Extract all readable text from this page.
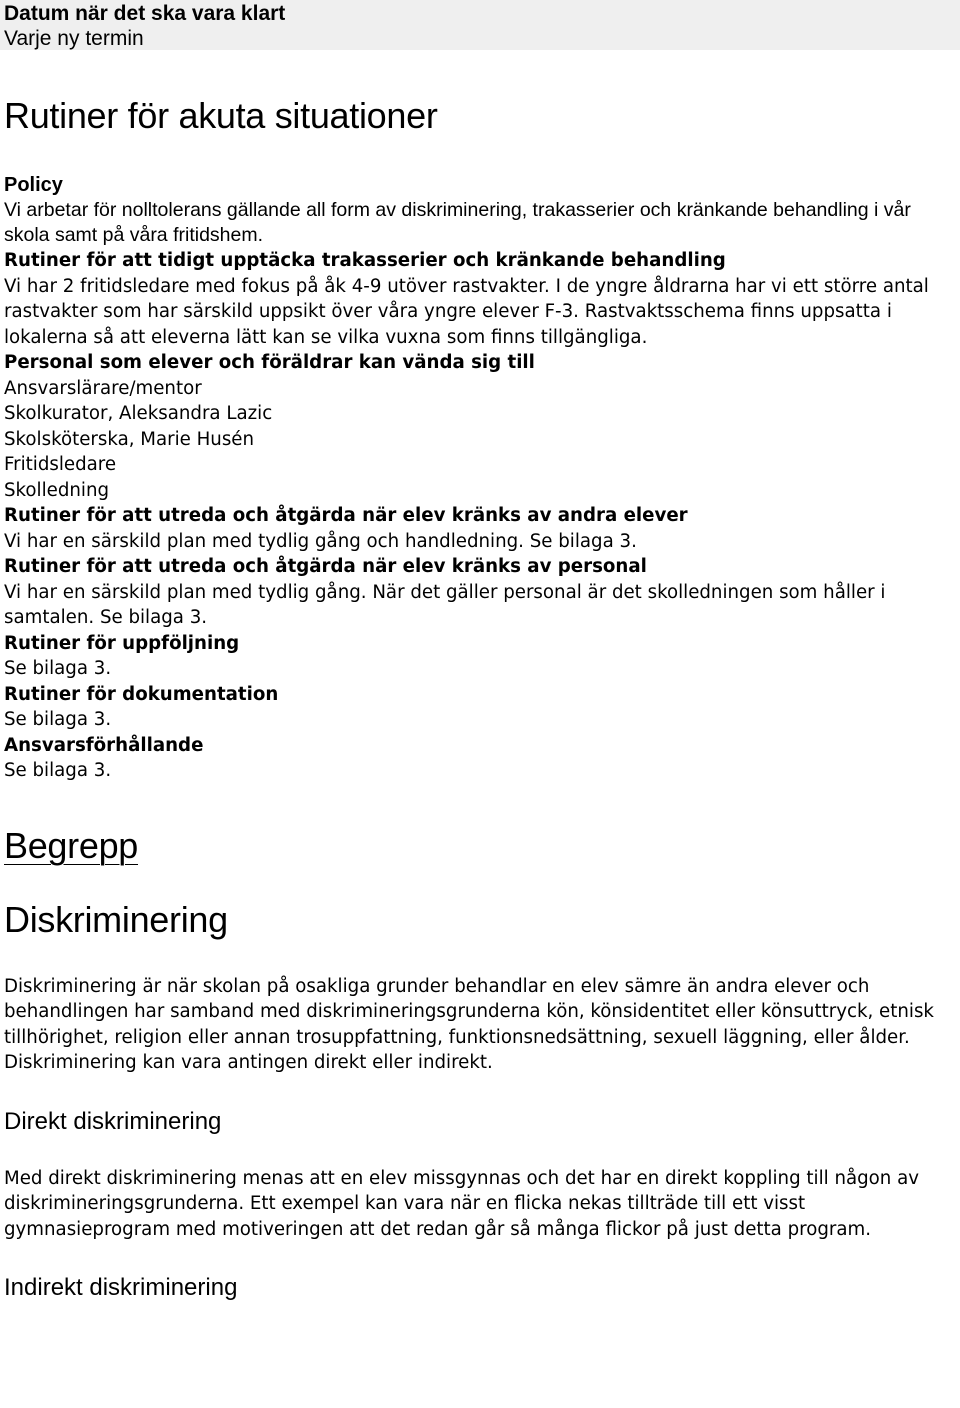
Datum när det ska vara klart
Varje ny termin
Rutiner för akuta situationer
Policy

Vi arbetar för nolltolerans gällande all form av diskriminering, trakasserier och kränkande behandling i vår skola samt på våra fritidshem.

Rutiner för att tidigt upptäcka trakasserier och kränkande behandling

Vi har 2 fritidsledare med fokus på åk 4-9 utöver rastvakter. I de yngre åldrarna har vi ett större antal rastvakter som har särskild uppsikt över våra yngre elever F-3. Rastvaktsschema finns uppsatta i lokalerna så att eleverna lätt kan se vilka vuxna som finns tillgängliga.

Personal som elever och föräldrar kan vända sig till

Ansvarslärare/mentor
Skolkurator, Aleksandra Lazic
Skolsköterska, Marie Husén
Fritidsledare
Skolledning

Rutiner för att utreda och åtgärda när elev kränks av andra elever

Vi har en särskild plan med tydlig gång och handledning. Se bilaga 3.

Rutiner för att utreda och åtgärda när elev kränks av personal

Vi har en särskild plan med tydlig gång. När det gäller personal är det skolledningen som håller i samtalen. Se bilaga 3.

Rutiner för uppföljning

Se bilaga 3.

Rutiner för dokumentation

Se bilaga 3.

Ansvarsförhållande

Se bilaga 3.

Begrepp
Diskriminering

Diskriminering är när skolan på osakliga grunder behandlar en elev sämre än andra elever och behandlingen har samband med diskrimineringsgrunderna kön, könsidentitet eller könsuttryck, etnisk tillhörighet, religion eller annan trosuppfattning, funktionsnedsättning, sexuell läggning, eller ålder.

Diskriminering kan vara antingen direkt eller indirekt.

Direkt diskriminering

Med direkt diskriminering menas att en elev missgynnas och det har en direkt koppling till någon av diskrimineringsgrunderna. Ett exempel kan vara när en flicka nekas tillträde till ett visst gymnasieprogram med motiveringen att det redan går så många flickor på just detta program.

Indirekt diskriminering
